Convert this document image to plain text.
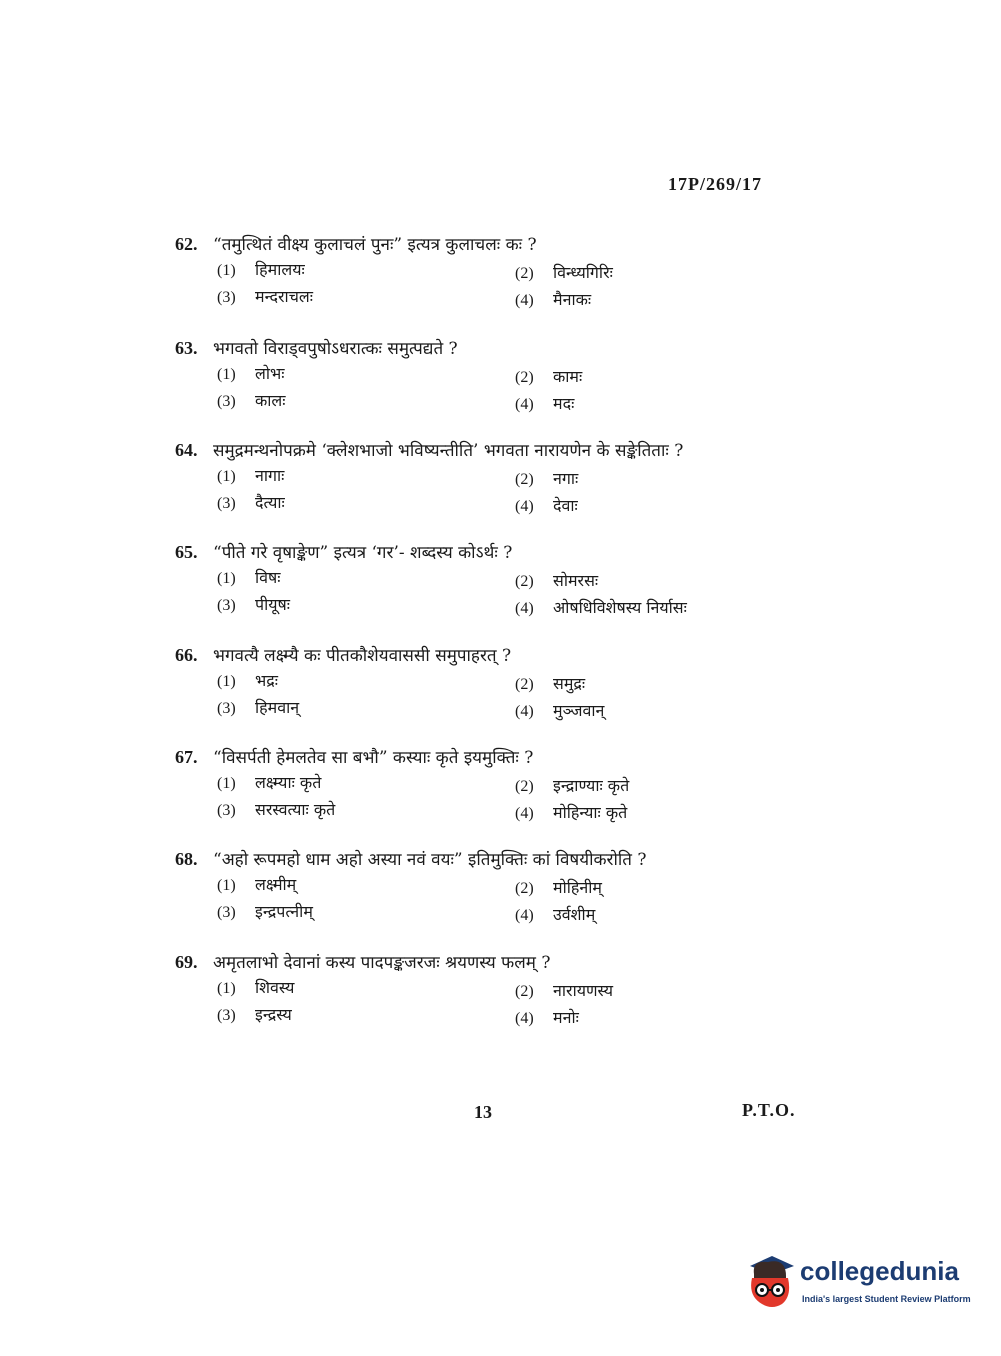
17P/269/17
62. “तमुत्थितं वीक्ष्य कुलाचलं पुनः” इत्यत्र कुलाचलः कः ?
(1) हिमालयः	(2) विन्ध्यगिरिः
(3) मन्दराचलः	(4) मैनाकः
63. भगवतो विराड्वपुषोऽधरात्कः समुत्पद्यते ?
(1) लोभः	(2) कामः
(3) कालः	(4) मदः
64. समुद्रमन्थनोपक्रमे ‘क्लेशभाजो भविष्यन्तीति’ भगवता नारायणेन के सङ्केतिताः ?
(1) नागाः	(2) नगाः
(3) दैत्याः	(4) देवाः
65. “पीते गरे वृषाङ्केण” इत्यत्र ‘गर’- शब्दस्य कोऽर्थः ?
(1) विषः	(2) सोमरसः
(3) पीयूषः	(4) ओषधिविशेषस्य निर्यासः
66. भगवत्यै लक्ष्म्यै कः पीतकौशेयवाससी समुपाहरत् ?
(1) भद्रः	(2) समुद्रः
(3) हिमवान्	(4) मुञ्जवान्
67. “विसर्पती हेमलतेव सा बभौ” कस्याः कृते इयमुक्तिः ?
(1) लक्ष्म्याः कृते	(2) इन्द्राण्याः कृते
(3) सरस्वत्याः कृते	(4) मोहिन्याः कृते
68. “अहो रूपमहो धाम अहो अस्या नवं वयः” इतिमुक्तिः कां विषयीकरोति ?
(1) लक्ष्मीम्	(2) मोहिनीम्
(3) इन्द्रपत्नीम्	(4) उर्वशीम्
69. अमृतलाभो देवानां कस्य पादपङ्कजरजः श्रयणस्य फलम् ?
(1) शिवस्य	(2) नारायणस्य
(3) इन्द्रस्य	(4) मनोः
13	P.T.O.
collegedunia
India's largest Student Review Platform
